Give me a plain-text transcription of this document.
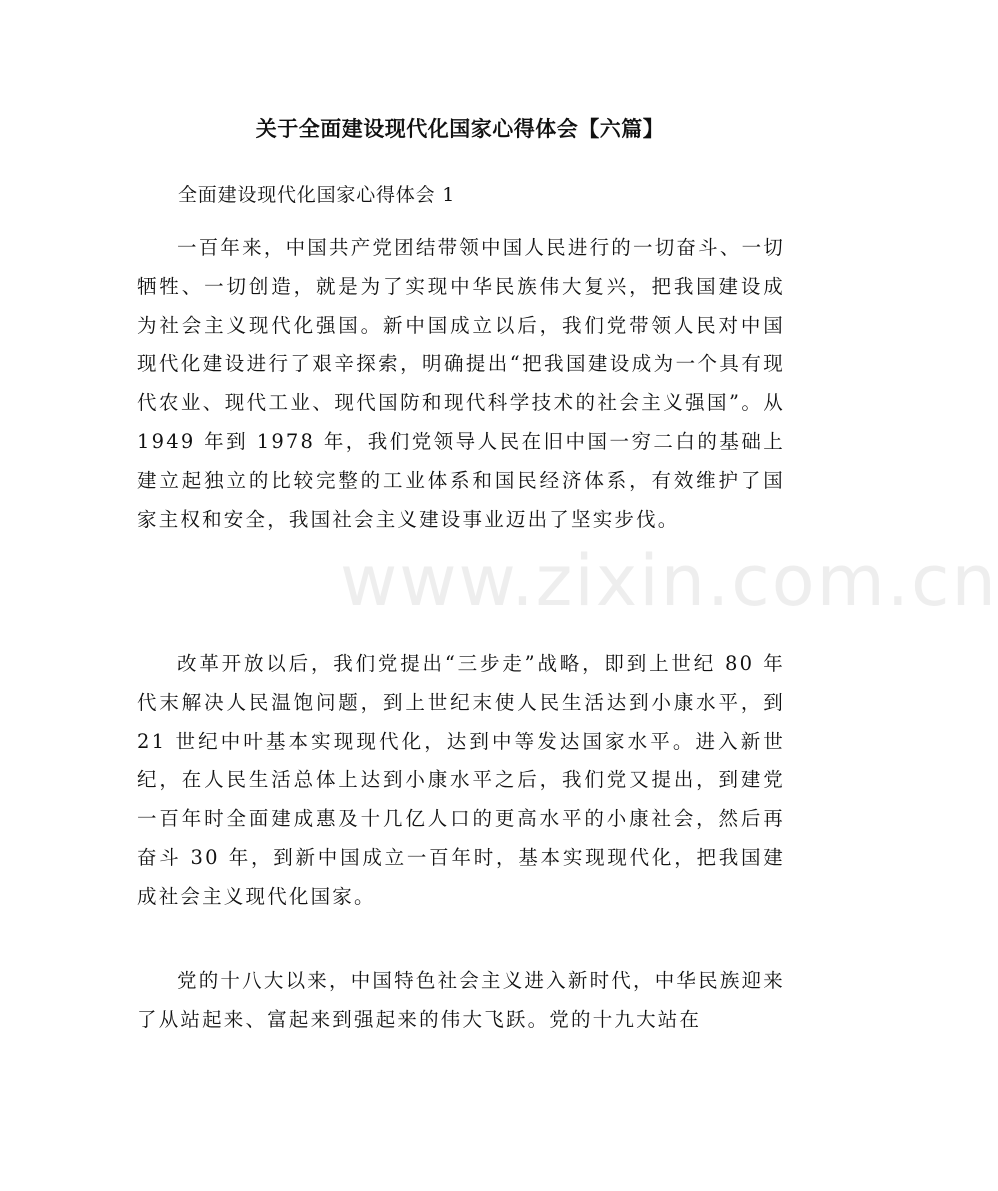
关于全面建设现代化国家心得体会【六篇】
全面建设现代化国家心得体会 1

一百年来，中国共产党团结带领中国人民进行的一切奋斗、一切牺牲、一切创造，就是为了实现中华民族伟大复兴，把我国建设成为社会主义现代化强国。新中国成立以后，我们党带领人民对中国现代化建设进行了艰辛探索，明确提出“把我国建设成为一个具有现代农业、现代工业、现代国防和现代科学技术的社会主义强国”。从 1949 年到 1978 年，我们党领导人民在旧中国一穷二白的基础上建立起独立的比较完整的工业体系和国民经济体系，有效维护了国家主权和安全，我国社会主义建设事业迈出了坚实步伐。

改革开放以后，我们党提出“三步走”战略，即到上世纪 80 年代末解决人民温饱问题，到上世纪末使人民生活达到小康水平，到 21 世纪中叶基本实现现代化，达到中等发达国家水平。进入新世纪，在人民生活总体上达到小康水平之后，我们党又提出，到建党一百年时全面建成惠及十几亿人口的更高水平的小康社会，然后再奋斗 30 年，到新中国成立一百年时，基本实现现代化，把我国建成社会主义现代化国家。

党的十八大以来，中国特色社会主义进入新时代，中华民族迎来了从站起来、富起来到强起来的伟大飞跃。党的十九大站在

www.zixin.com.cn
